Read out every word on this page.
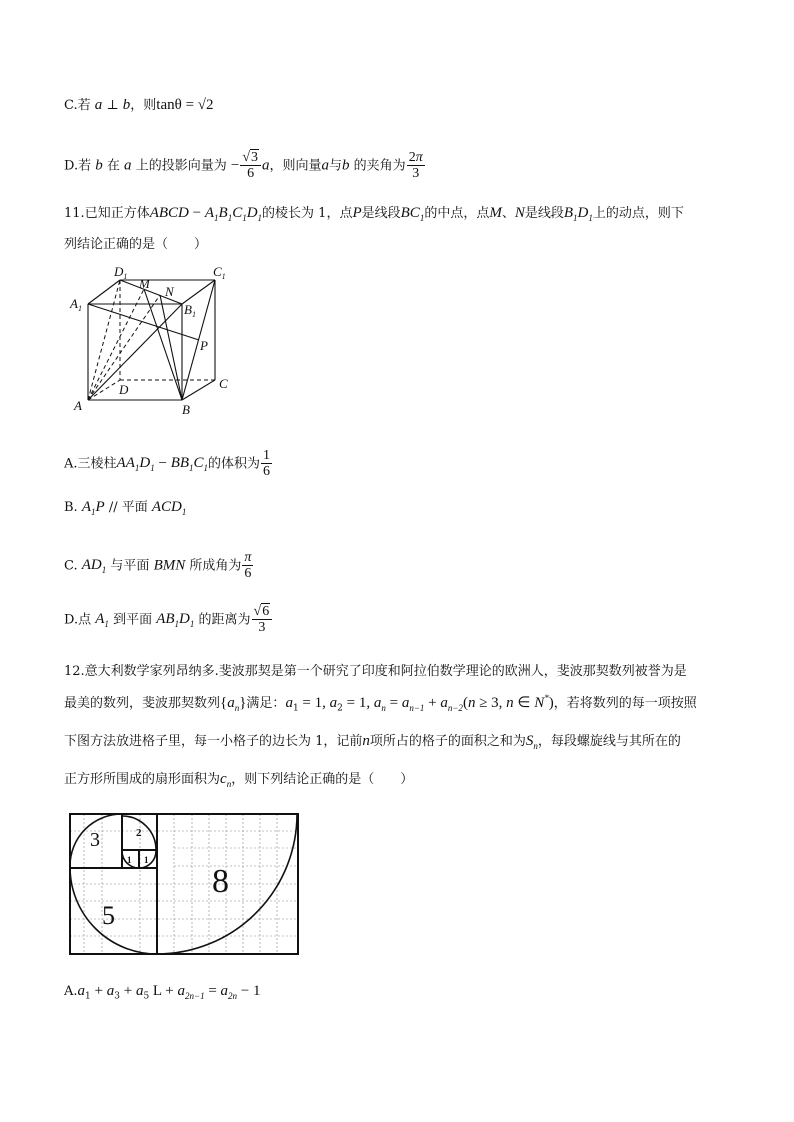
C.若 a ⊥ b，则tanθ = √2
D.若 b 在 a 上的投影向量为 − $\frac{√3}{6}$ a，则向量a与b 的夹角为 $\frac{2\pi}{3}$
11.已知正方体ABCD − $A_1B_1C_1D_1$的棱长为 1，点P是线段$BC_1$的中点，点M、N是线段$B_1D_1$上的动点，则下
列结论正确的是（　　）
$D_1$ M
N
$C_1$
$A_1$	$B_1$
P
D	C
A	B
A.三棱柱$AA_1D_1 - BB_1C_1$的体积为 $\frac{1}{6}$
B. $A_1P$ // 平面 $ACD_1$
C. $AD_1$ 与平面 BMN 所成角为 $\frac{\pi}{6}$
D.点 $A_1$ 到平面 $AB_1D_1$ 的距离为 $\frac{√6}{3}$
12.意大利数学家列昂纳多.斐波那契是第一个研究了印度和阿拉伯数学理论的欧洲人，斐波那契数列被誉为是
最美的数列，斐波那契数列$\{a_n\}$满足：$a_1 = 1$, $a_2 = 1$, $a_n = a_{n-1} + a_{n-2}(n \ge 3$, n ∈ N*)，若将数列的每一项按照
下图方法放进格子里，每一小格子的边长为 1，记前n项所占的格子的面积之和为$S_n$，每段螺旋线与其所在的
正方形所围成的扇形面积为$c_n$，则下列结论正确的是（　　）
3	2
1 1
8
5
$A.a_1 + a_3 + a_5$ $L + a_{2n-1} = a_{2n} - 1$
